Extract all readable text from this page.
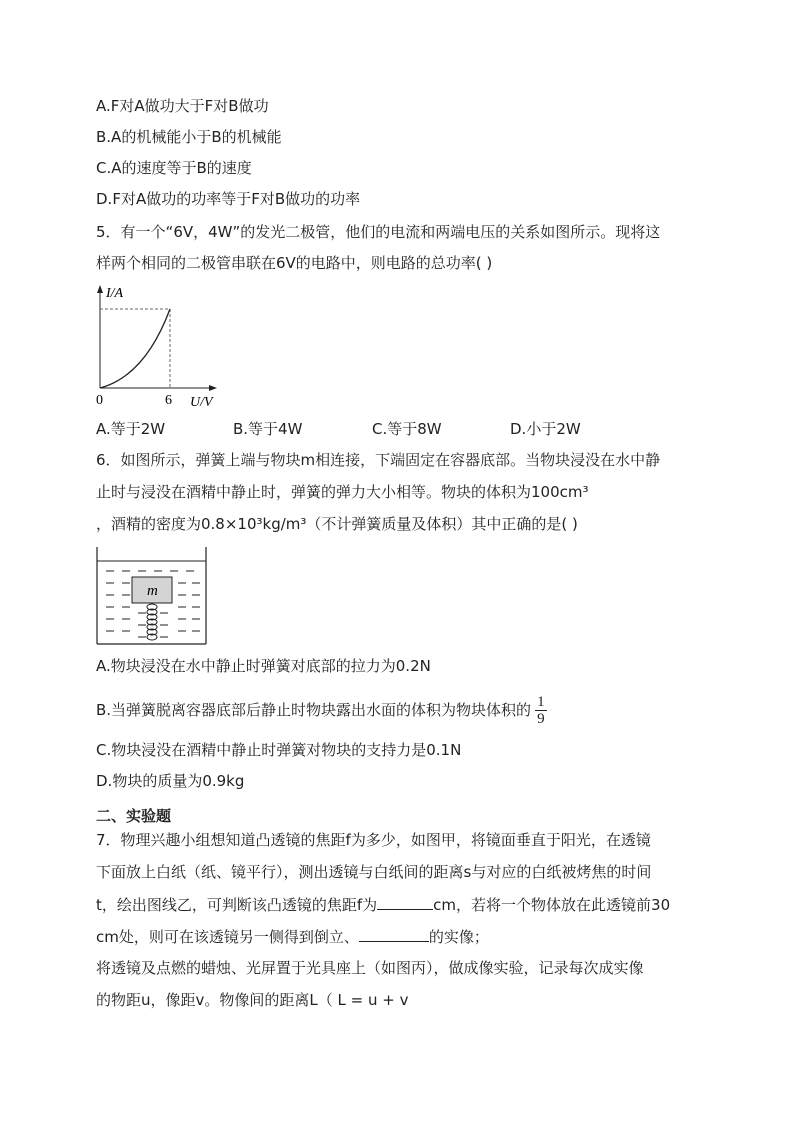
A.F对A做功大于F对B做功
B.A的机械能小于B的机械能
C.A的速度等于B的速度
D.F对A做功的功率等于F对B做功的功率
5．有一个“6V，4W”的发光二极管，他们的电流和两端电压的关系如图所示。现将这
样两个相同的二极管串联在6V的电路中，则电路的总功率( )
I/A
0	6 U/V
A.等于2W	B.等于4W	C.等于8W	D.小于2W
6．如图所示，弹簧上端与物块m相连接，下端固定在容器底部。当物块浸没在水中静
止时与浸没在酒精中静止时，弹簧的弹力大小相等。物块的体积为100cm³
，酒精的密度为0.8×10³kg/m³（不计弹簧质量及体积）其中正确的是( )
m
A.物块浸没在水中静止时弹簧对底部的拉力为0.2N
B.当弹簧脱离容器底部后静止时物块露出水面的体积为物块体积的 $\frac{1}{9}$
C.物块浸没在酒精中静止时弹簧对物块的支持力是0.1N
D.物块的质量为0.9kg
二、实验题
7．物理兴趣小组想知道凸透镜的焦距f为多少，如图甲，将镜面垂直于阳光，在透镜
下面放上白纸（纸、镜平行），测出透镜与白纸间的距离s与对应的白纸被烤焦的时间
t，绘出图线乙，可判断该凸透镜的焦距f为	cm，若将一个物体放在此透镜前30
cm处，则可在该透镜另一侧得到倒立、	的实像；
将透镜及点燃的蜡烛、光屏置于光具座上（如图丙），做成像实验，记录每次成实像
的物距u，像距v。物像间的距离L（ L = u + v
